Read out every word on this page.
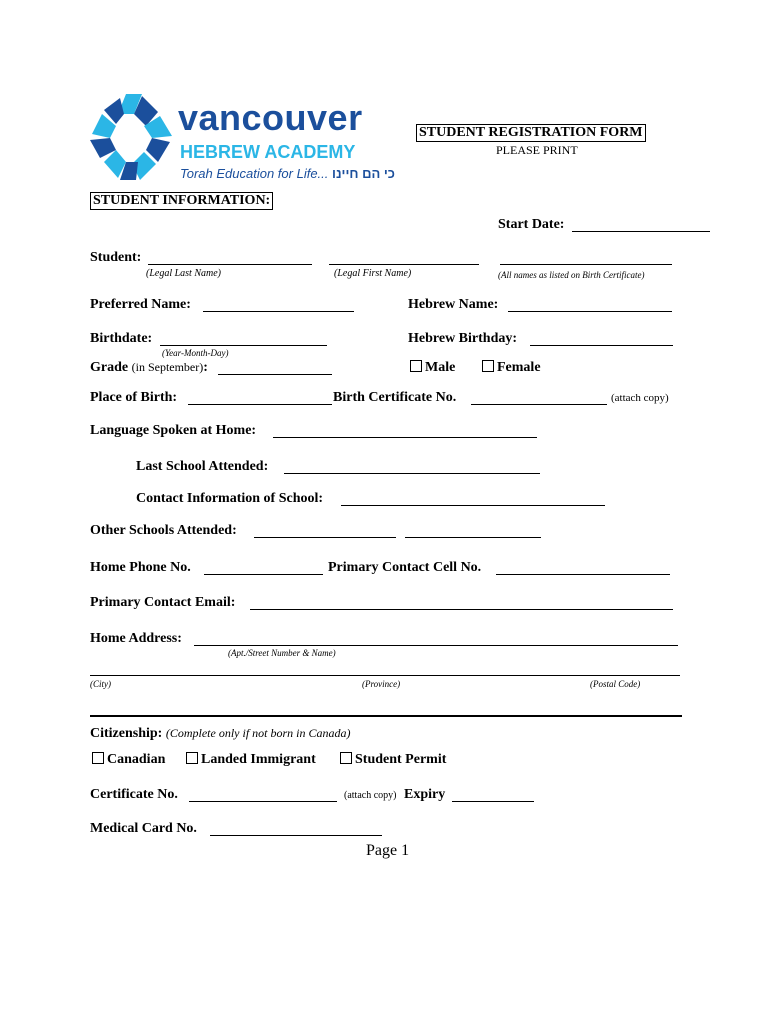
vancouver
HEBREW ACADEMY
Torah Education for Life... כי הם חיינו
STUDENT REGISTRATION FORM
PLEASE PRINT
STUDENT INFORMATION:
Start Date:
Student:
(Legal Last Name)	(Legal First Name)	(All names as listed on Birth Certificate)
Preferred Name:	Hebrew Name:
Birthdate:
(Year-Month-Day)
Hebrew Birthday:
Grade (in September):	Male	Female
Place of Birth:	Birth Certificate No.	(attach copy)
Language Spoken at Home:
Last School Attended:
Contact Information of School:
Other Schools Attended:
Home Phone No.	Primary Contact Cell No.
Primary Contact Email:
Home Address:
(Apt./Street Number & Name)
(City)	(Province)	(Postal Code)
Citizenship: (Complete only if not born in Canada)
Canadian	Landed Immigrant	Student Permit
Certificate No.	(attach copy) Expiry
Medical Card No.
Page 1
